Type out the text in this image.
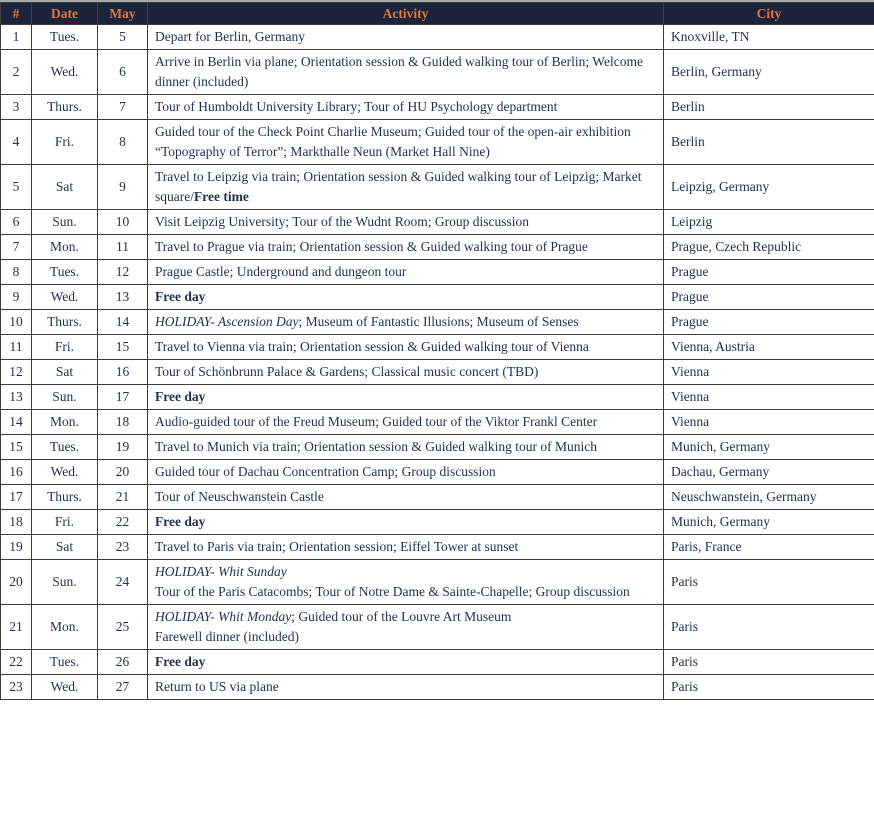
#	Date	May	Activity	City
1	Tues.	5	Depart for Berlin, Germany	Knoxville, TN
2	Wed.	6	Arrive in Berlin via plane; Orientation session & Guided walking tour of Berlin; Welcome dinner (included)	Berlin, Germany
3	Thurs.	7	Tour of Humboldt University Library; Tour of HU Psychology department	Berlin
4	Fri.	8	Guided tour of the Check Point Charlie Museum; Guided tour of the open-air exhibition “Topography of Terror”; Markthalle Neun (Market Hall Nine)	Berlin
5	Sat	9	Travel to Leipzig via train; Orientation session & Guided walking tour of Leipzig; Market square/Free time	Leipzig, Germany
6	Sun.	10	Visit Leipzig University; Tour of the Wudnt Room; Group discussion	Leipzig
7	Mon.	11	Travel to Prague via train; Orientation session & Guided walking tour of Prague	Prague, Czech Republic
8	Tues.	12	Prague Castle; Underground and dungeon tour	Prague
9	Wed.	13	Free day	Prague
10	Thurs.	14	HOLIDAY- Ascension Day; Museum of Fantastic Illusions; Museum of Senses	Prague
11	Fri.	15	Travel to Vienna via train; Orientation session & Guided walking tour of Vienna	Vienna, Austria
12	Sat	16	Tour of Schönbrunn Palace & Gardens; Classical music concert (TBD)	Vienna
13	Sun.	17	Free day	Vienna
14	Mon.	18	Audio-guided tour of the Freud Museum; Guided tour of the Viktor Frankl Center	Vienna
15	Tues.	19	Travel to Munich via train; Orientation session & Guided walking tour of Munich	Munich, Germany
16	Wed.	20	Guided tour of Dachau Concentration Camp; Group discussion	Dachau, Germany
17	Thurs.	21	Tour of Neuschwanstein Castle	Neuschwanstein, Germany
18	Fri.	22	Free day	Munich, Germany
19	Sat	23	Travel to Paris via train; Orientation session; Eiffel Tower at sunset	Paris, France
20	Sun.	24	HOLIDAY- Whit Sunday
Tour of the Paris Catacombs; Tour of Notre Dame & Sainte-Chapelle; Group discussion	Paris
21	Mon.	25	HOLIDAY- Whit Monday; Guided tour of the Louvre Art Museum
Farewell dinner (included)	Paris
22	Tues.	26	Free day	Paris
23	Wed.	27	Return to US via plane	Paris
